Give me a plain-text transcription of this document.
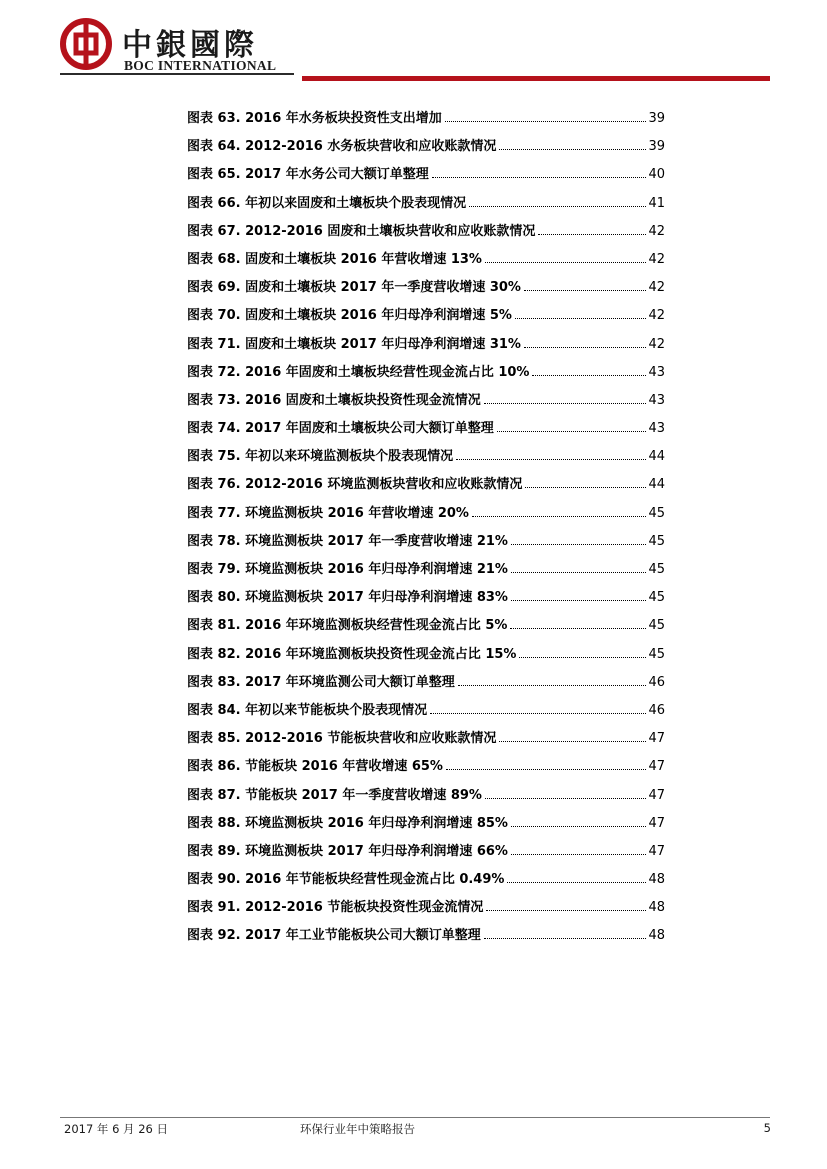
中銀國際
BOC INTERNATIONAL
图表 63. 2016 年水务板块投资性支出增加	39
图表 64. 2012-2016 水务板块营收和应收账款情况	39
图表 65. 2017 年水务公司大额订单整理	40
图表 66. 年初以来固废和土壤板块个股表现情况	41
图表 67. 2012-2016 固废和土壤板块营收和应收账款情况	42
图表 68. 固废和土壤板块 2016 年营收增速 13%	42
图表 69. 固废和土壤板块 2017 年一季度营收增速 30%	42
图表 70. 固废和土壤板块 2016 年归母净利润增速 5%	42
图表 71. 固废和土壤板块 2017 年归母净利润增速 31%	42
图表 72. 2016 年固废和土壤板块经营性现金流占比 10%	43
图表 73. 2016 固废和土壤板块投资性现金流情况	43
图表 74. 2017 年固废和土壤板块公司大额订单整理	43
图表 75. 年初以来环境监测板块个股表现情况	44
图表 76. 2012-2016 环境监测板块营收和应收账款情况	44
图表 77. 环境监测板块 2016 年营收增速 20%	45
图表 78. 环境监测板块 2017 年一季度营收增速 21%	45
图表 79. 环境监测板块 2016 年归母净利润增速 21%	45
图表 80. 环境监测板块 2017 年归母净利润增速 83%	45
图表 81. 2016 年环境监测板块经营性现金流占比 5%	45
图表 82. 2016 年环境监测板块投资性现金流占比 15%	45
图表 83. 2017 年环境监测公司大额订单整理	46
图表 84. 年初以来节能板块个股表现情况	46
图表 85. 2012-2016 节能板块营收和应收账款情况	47
图表 86. 节能板块 2016 年营收增速 65%	47
图表 87. 节能板块 2017 年一季度营收增速 89%	47
图表 88. 环境监测板块 2016 年归母净利润增速 85%	47
图表 89. 环境监测板块 2017 年归母净利润增速 66%	47
图表 90. 2016 年节能板块经营性现金流占比 0.49%	48
图表 91. 2012-2016 节能板块投资性现金流情况	48
图表 92. 2017 年工业节能板块公司大额订单整理	48
2017 年 6 月 26 日	环保行业年中策略报告	5
